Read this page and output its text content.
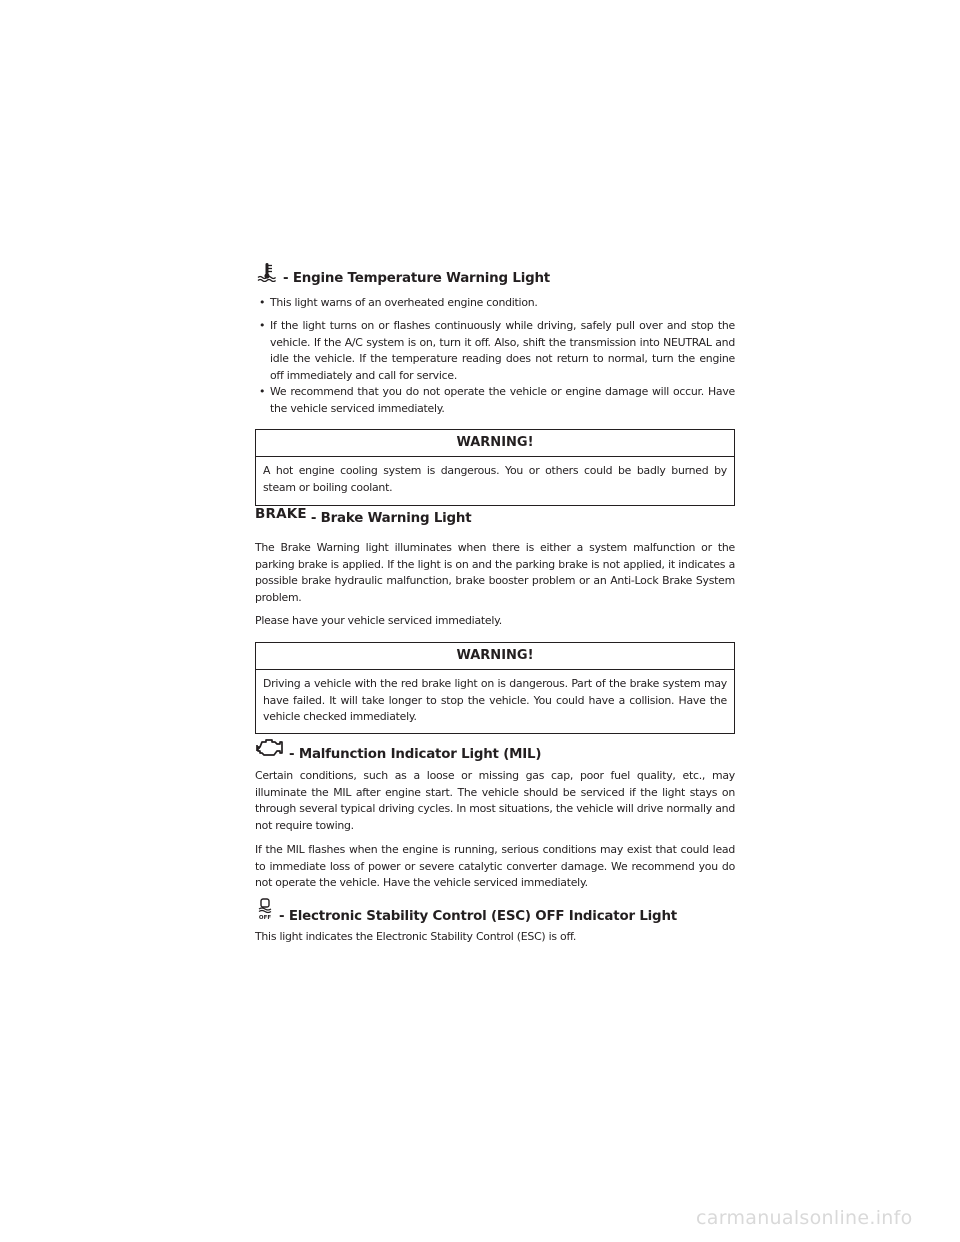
- Engine Temperature Warning Light
• This light warns of an overheated engine condition.
• If the light turns on or flashes continuously while driving, safely pull over and stop the vehicle. If the A/C system is on, turn it off. Also, shift the transmission into NEUTRAL and idle the vehicle. If the temperature reading does not return to normal, turn the engine off immediately and call for service.
• We recommend that you do not operate the vehicle or engine damage will occur. Have the vehicle serviced immediately.
WARNING!
A hot engine cooling system is dangerous. You or others could be badly burned by steam or boiling coolant.
BRAKE - Brake Warning Light

The Brake Warning light illuminates when there is either a system malfunction or the parking brake is applied. If the light is on and the parking brake is not applied, it indicates a possible brake hydraulic malfunction, brake booster problem or an Anti-Lock Brake System problem.

Please have your vehicle serviced immediately.

WARNING!
Driving a vehicle with the red brake light on is dangerous. Part of the brake system may have failed. It will take longer to stop the vehicle. You could have a collision. Have the vehicle checked immediately.
- Malfunction Indicator Light (MIL)

Certain conditions, such as a loose or missing gas cap, poor fuel quality, etc., may illuminate the MIL after engine start. The vehicle should be serviced if the light stays on through several typical driving cycles. In most situations, the vehicle will drive normally and not require towing.

If the MIL flashes when the engine is running, serious conditions may exist that could lead to immediate loss of power or severe catalytic converter damage. We recommend you do not operate the vehicle. Have the vehicle serviced immediately.

OFF - Electronic Stability Control (ESC) OFF Indicator Light

This light indicates the Electronic Stability Control (ESC) is off.

carmanualsonline.info
